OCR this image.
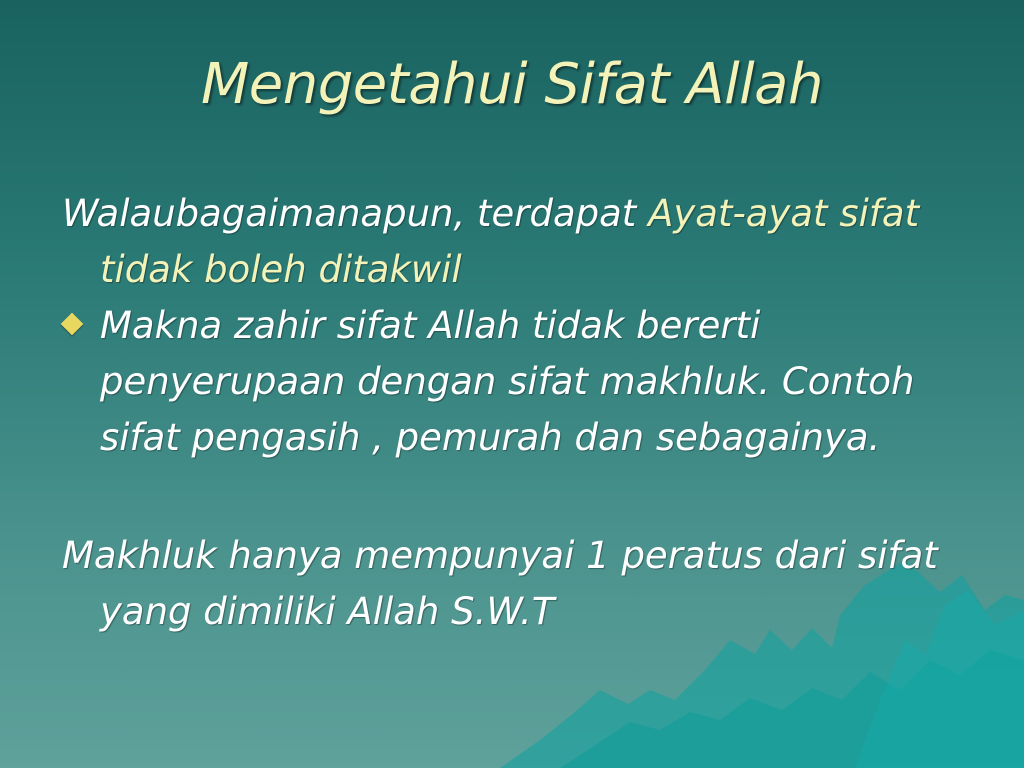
Mengetahui Sifat Allah

Walaubagaimanapun, terdapat Ayat-ayat sifat tidak boleh ditakwil

Makna zahir sifat Allah tidak bererti penyerupaan dengan sifat makhluk. Contoh sifat pengasih , pemurah dan sebagainya.

Makhluk hanya mempunyai 1 peratus dari sifat yang dimiliki Allah S.W.T
